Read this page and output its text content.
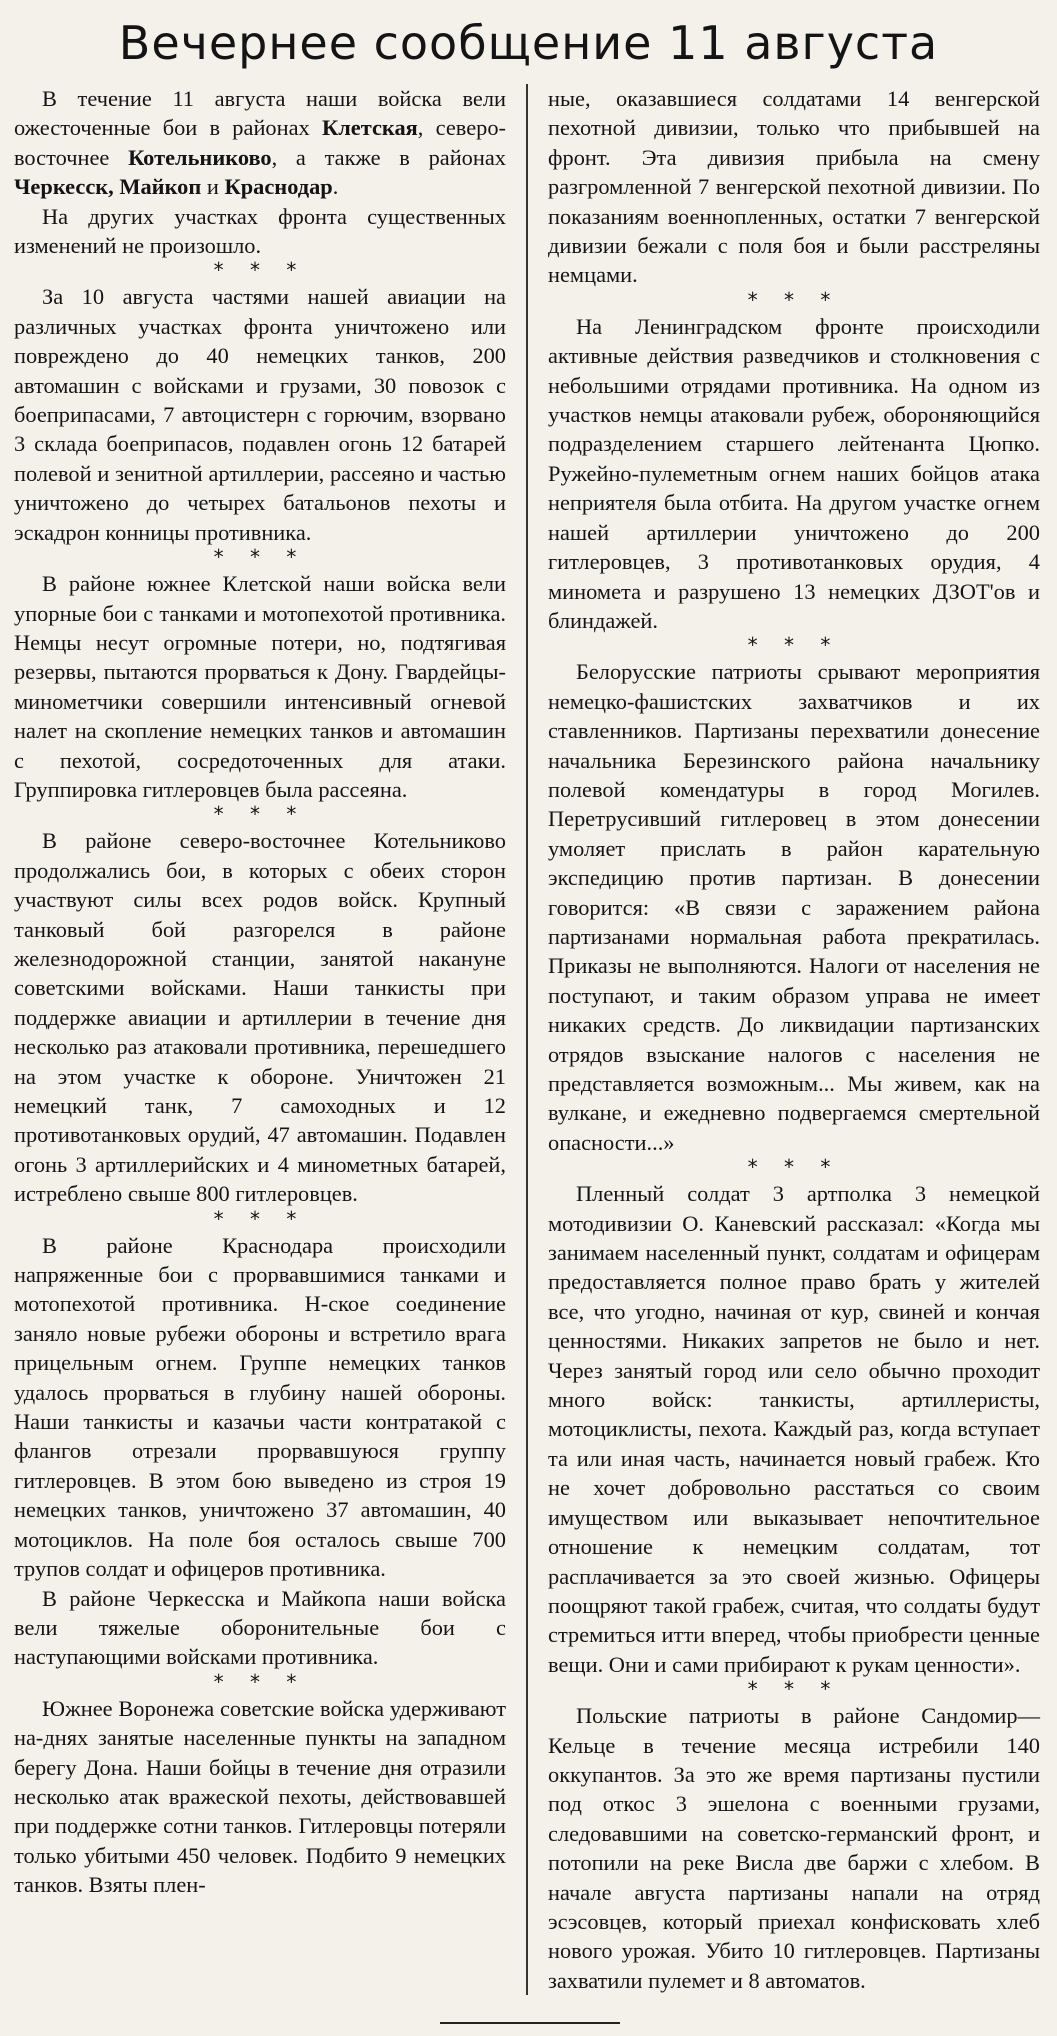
Вечернее сообщение 11 августа

В течение 11 августа наши войска вели ожесточенные бои в районах Клетская, северо-восточнее Котельниково, а также в районах Черкесск, Майкоп и Краснодар.

На других участках фронта существенных изменений не произошло.

* * *

За 10 августа частями нашей авиации на различных участках фронта уничтожено или повреждено до 40 немецких танков, 200 автомашин с войсками и грузами, 30 повозок с боеприпасами, 7 автоцистерн с горючим, взорвано 3 склада боеприпасов, подавлен огонь 12 батарей полевой и зенитной артиллерии, рассеяно и частью уничтожено до четырех батальонов пехоты и эскадрон конницы противника.

* * *

В районе южнее Клетской наши войска вели упорные бои с танками и мотопехотой противника. Немцы несут огромные потери, но, подтягивая резервы, пытаются прорваться к Дону. Гвардейцы-минометчики совершили интенсивный огневой налет на скопление немецких танков и автомашин с пехотой, сосредоточенных для атаки. Группировка гитлеровцев была рассеяна.

* * *

В районе северо-восточнее Котельниково продолжались бои, в которых с обеих сторон участвуют силы всех родов войск. Крупный танковый бой разгорелся в районе железнодорожной станции, занятой накануне советскими войсками. Наши танкисты при поддержке авиации и артиллерии в течение дня несколько раз атаковали противника, перешедшего на этом участке к обороне. Уничтожен 21 немецкий танк, 7 самоходных и 12 противотанковых орудий, 47 автомашин. Подавлен огонь 3 артиллерийских и 4 минометных батарей, истреблено свыше 800 гитлеровцев.

* * *

В районе Краснодара происходили напряженные бои с прорвавшимися танками и мотопехотой противника. Н-ское соединение заняло новые рубежи обороны и встретило врага прицельным огнем. Группе немецких танков удалось прорваться в глубину нашей обороны. Наши танкисты и казачьи части контратакой с флангов отрезали прорвавшуюся группу гитлеровцев. В этом бою выведено из строя 19 немецких танков, уничтожено 37 автомашин, 40 мотоциклов. На поле боя осталось свыше 700 трупов солдат и офицеров противника.

В районе Черкесска и Майкопа наши войска вели тяжелые оборонительные бои с наступающими войсками противника.

* * *

Южнее Воронежа советские войска удерживают на-днях занятые населенные пункты на западном берегу Дона. Наши бойцы в течение дня отразили несколько атак вражеской пехоты, действовавшей при поддержке сотни танков. Гитлеровцы потеряли только убитыми 450 человек. Подбито 9 немецких танков. Взяты плен-

ные, оказавшиеся солдатами 14 венгерской пехотной дивизии, только что прибывшей на фронт. Эта дивизия прибыла на смену разгромленной 7 венгерской пехотной дивизии. По показаниям военнопленных, остатки 7 венгерской дивизии бежали с поля боя и были расстреляны немцами.

* * *

На Ленинградском фронте происходили активные действия разведчиков и столкновения с небольшими отрядами противника. На одном из участков немцы атаковали рубеж, обороняющийся подразделением старшего лейтенанта Цюпко. Ружейно-пулеметным огнем наших бойцов атака неприятеля была отбита. На другом участке огнем нашей артиллерии уничтожено до 200 гитлеровцев, 3 противотанковых орудия, 4 миномета и разрушено 13 немецких ДЗОТ'ов и блиндажей.

* * *

Белорусские патриоты срывают мероприятия немецко-фашистских захватчиков и их ставленников. Партизаны перехватили донесение начальника Березинского района начальнику полевой комендатуры в город Могилев. Перетрусивший гитлеровец в этом донесении умоляет прислать в район карательную экспедицию против партизан. В донесении говорится: «В связи с заражением района партизанами нормальная работа прекратилась. Приказы не выполняются. Налоги от населения не поступают, и таким образом управа не имеет никаких средств. До ликвидации партизанских отрядов взыскание налогов с населения не представляется возможным... Мы живем, как на вулкане, и ежедневно подвергаемся смертельной опасности...»

* * *

Пленный солдат 3 артполка 3 немецкой мотодивизии О. Каневский рассказал: «Когда мы занимаем населенный пункт, солдатам и офицерам предоставляется полное право брать у жителей все, что угодно, начиная от кур, свиней и кончая ценностями. Никаких запретов не было и нет. Через занятый город или село обычно проходит много войск: танкисты, артиллеристы, мотоциклисты, пехота. Каждый раз, когда вступает та или иная часть, начинается новый грабеж. Кто не хочет добровольно расстаться со своим имуществом или выказывает непочтительное отношение к немецким солдатам, тот расплачивается за это своей жизнью. Офицеры поощряют такой грабеж, считая, что солдаты будут стремиться итти вперед, чтобы приобрести ценные вещи. Они и сами прибирают к рукам ценности».

* * *

Польские патриоты в районе Сандомир—Кельце в течение месяца истребили 140 оккупантов. За это же время партизаны пустили под откос 3 эшелона с военными грузами, следовавшими на советско-германский фронт, и потопили на реке Висла две баржи с хлебом. В начале августа партизаны напали на отряд эсэсовцев, который приехал конфисковать хлеб нового урожая. Убито 10 гитлеровцев. Партизаны захватили пулемет и 8 автоматов.
